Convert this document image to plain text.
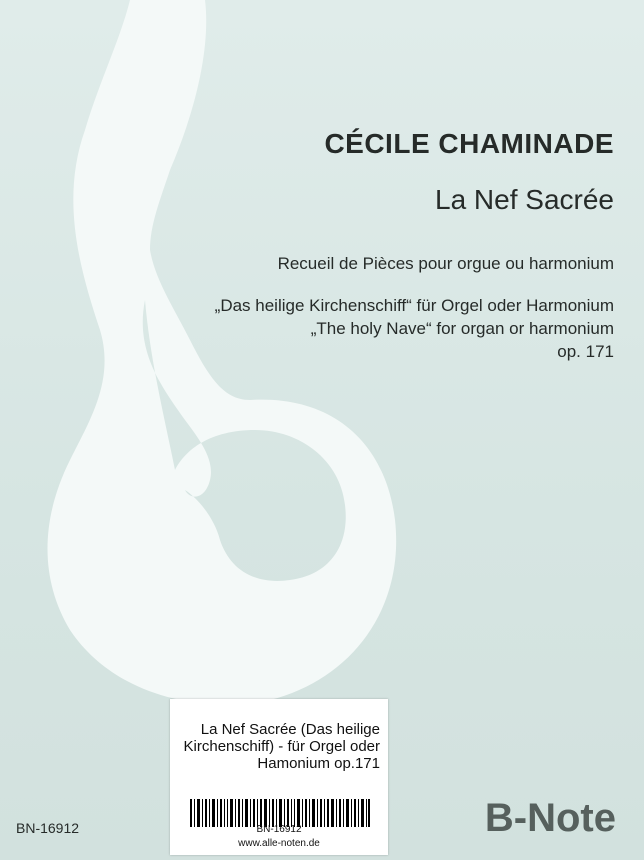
CÉCILE CHAMINADE
La Nef Sacrée
Recueil de Pièces pour orgue ou harmonium
„Das heilige Kirchenschiff“ für Orgel oder Harmonium
„The holy Nave“ for organ or harmonium
op. 171
BN-16912	B-Note
La Nef Sacrée (Das heilige Kirchenschiff) - für Orgel oder Hamonium op.171
BN-16912
www.alle-noten.de
